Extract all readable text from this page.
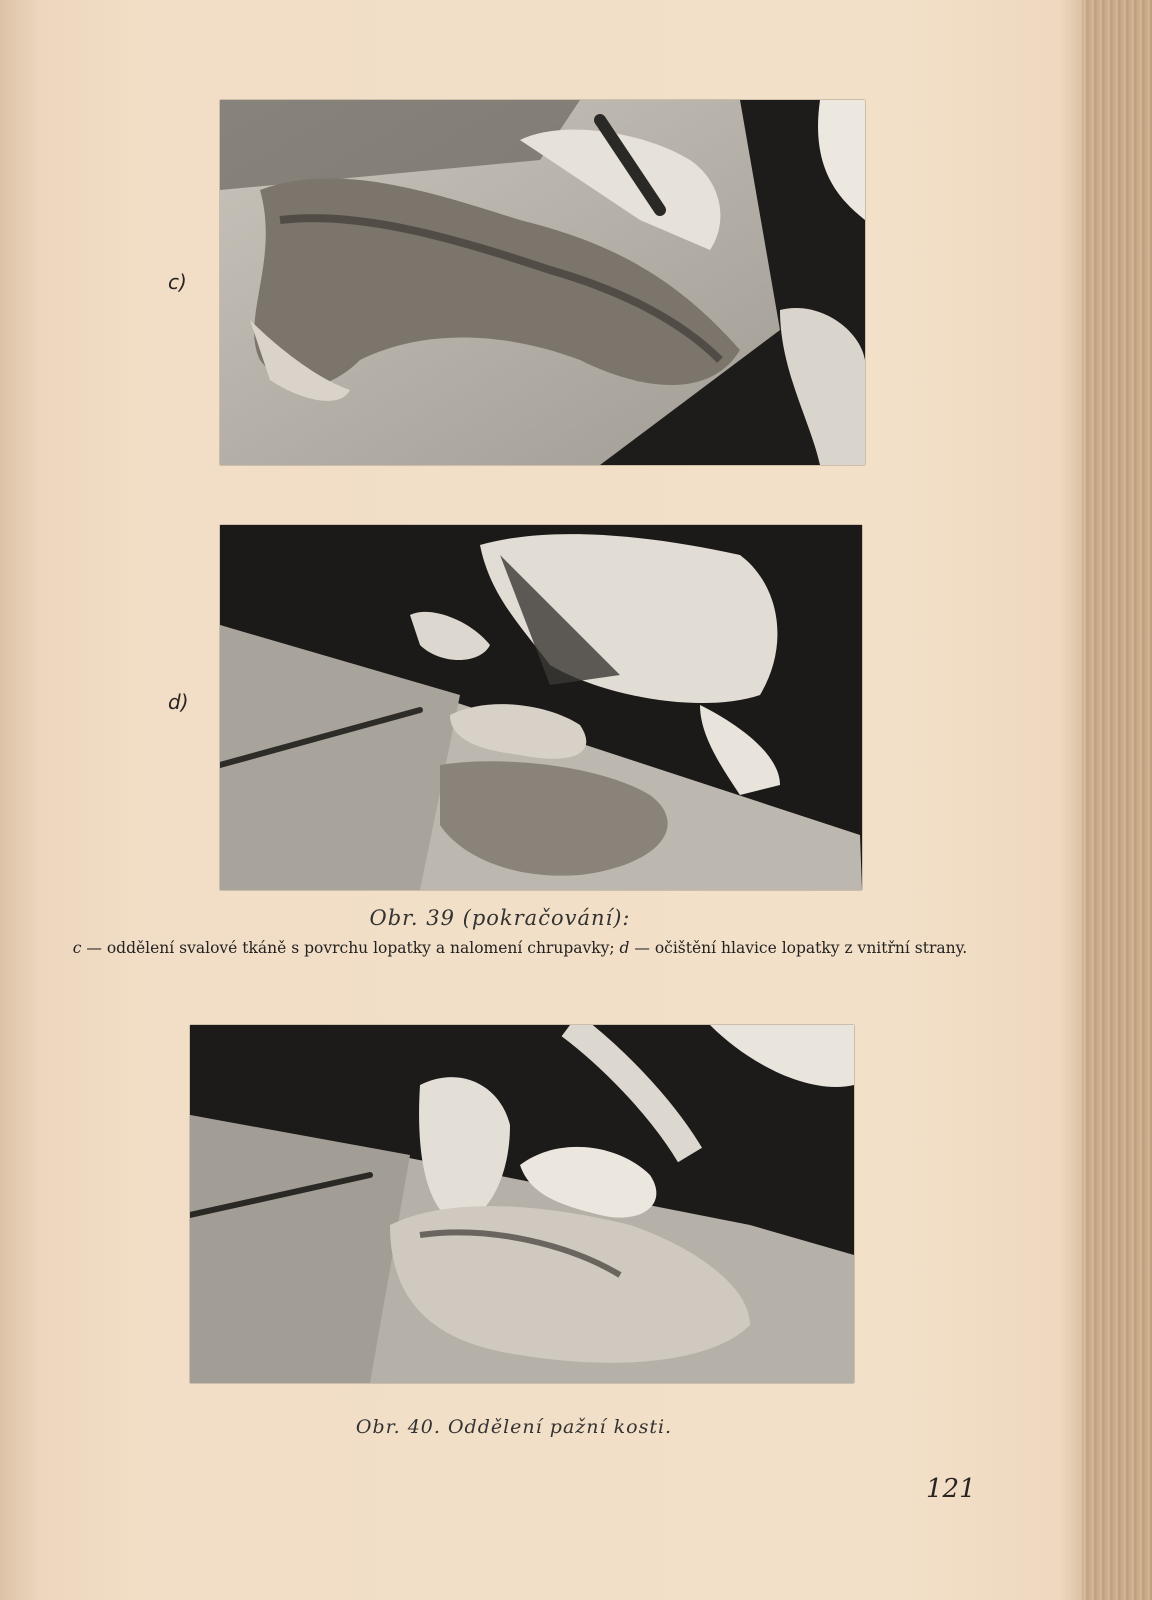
c)
d)
Obr. 39 (pokračování):
c — oddělení svalové tkáně s povrchu lopatky a nalomení chrupavky; d — očištění hlavice lopatky z vnitřní strany.
Obr. 40. Oddělení pažní kosti.
121
